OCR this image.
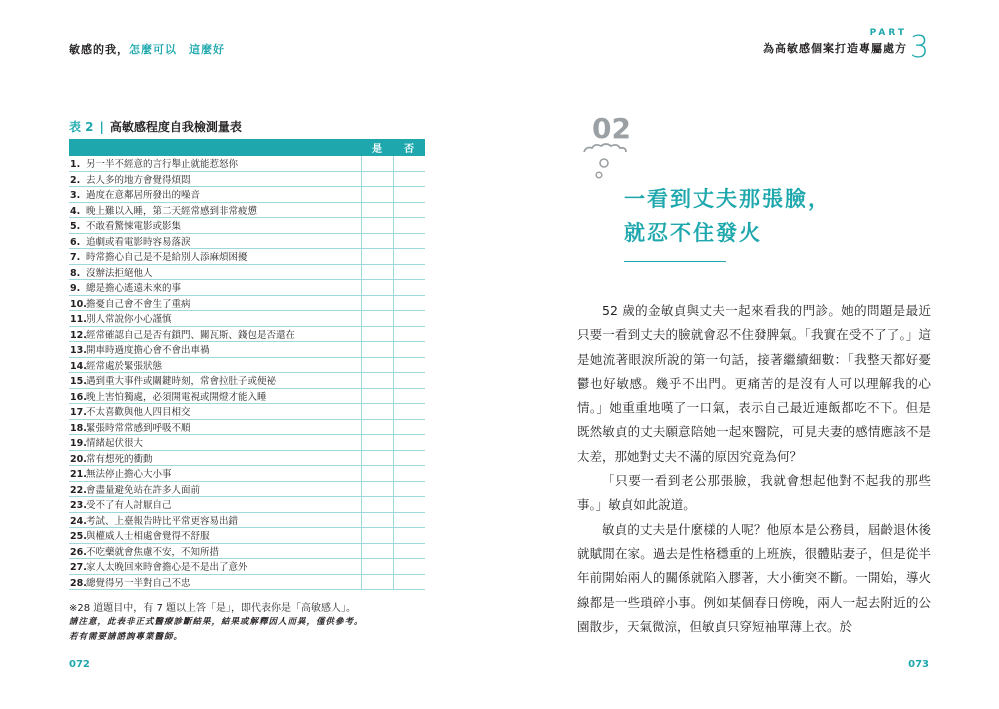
敏感的我，怎麼可以　這麼好
PART
為高敏感個案打造專屬處方 3
表 2 | 高敏感程度自我檢測量表
	是	否
1. 另一半不經意的言行舉止就能惹怒你		
2. 去人多的地方會覺得煩悶		
3. 過度在意鄰居所發出的噪音		
4. 晚上難以入睡，第二天經常感到非常疲憊		
5. 不敢看驚悚電影或影集		
6. 追劇或看電影時容易落淚		
7. 時常擔心自己是不是給別人添麻煩困擾		
8. 沒辦法拒絕他人		
9. 總是擔心遙遠未來的事		
10.擔憂自己會不會生了重病		
11.別人常說你小心謹慎		
12.經常確認自己是否有鎖門、關瓦斯、錢包是否還在		
13.開車時過度擔心會不會出車禍		
14.經常處於緊張狀態		
15.遇到重大事件或關鍵時刻，常會拉肚子或便祕		
16.晚上害怕獨處，必須開電視或開燈才能入睡		
17.不太喜歡與他人四目相交		
18.緊張時常常感到呼吸不順		
19.情緒起伏很大		
20.常有想死的衝動		
21.無法停止擔心大小事		
22.會盡量避免站在許多人面前		
23.受不了有人討厭自己		
24.考試、上臺報告時比平常更容易出錯		
25.與權威人士相處會覺得不舒服		
26.不吃藥就會焦慮不安，不知所措		
27.家人太晚回來時會擔心是不是出了意外		
28.總覺得另一半對自己不忠		
※28 道題目中，有 7 題以上答「是」，即代表你是「高敏感人」。
請注意，此表非正式醫療診斷結果，結果或解釋因人而異，僅供參考。
若有需要請諮詢專業醫師。
072	073
02
一看到丈夫那張臉，
就忍不住發火

52 歲的金敏貞與丈夫一起來看我的門診。她的問題是最近只要一看到丈夫的臉就會忍不住發脾氣。「我實在受不了了。」這是她流著眼淚所說的第一句話，接著繼續細數：「我整天都好憂鬱也好敏感。幾乎不出門。更痛苦的是沒有人可以理解我的心情。」她重重地嘆了一口氣，表示自己最近連飯都吃不下。但是既然敏貞的丈夫願意陪她一起來醫院，可見夫妻的感情應該不是太差，那她對丈夫不滿的原因究竟為何？

「只要一看到老公那張臉，我就會想起他對不起我的那些事。」敏貞如此說道。

敏貞的丈夫是什麼樣的人呢？他原本是公務員，屆齡退休後就賦閒在家。過去是性格穩重的上班族，很體貼妻子，但是從半年前開始兩人的關係就陷入膠著，大小衝突不斷。一開始，導火線都是一些瑣碎小事。例如某個春日傍晚，兩人一起去附近的公園散步，天氣微涼，但敏貞只穿短袖單薄上衣。於
